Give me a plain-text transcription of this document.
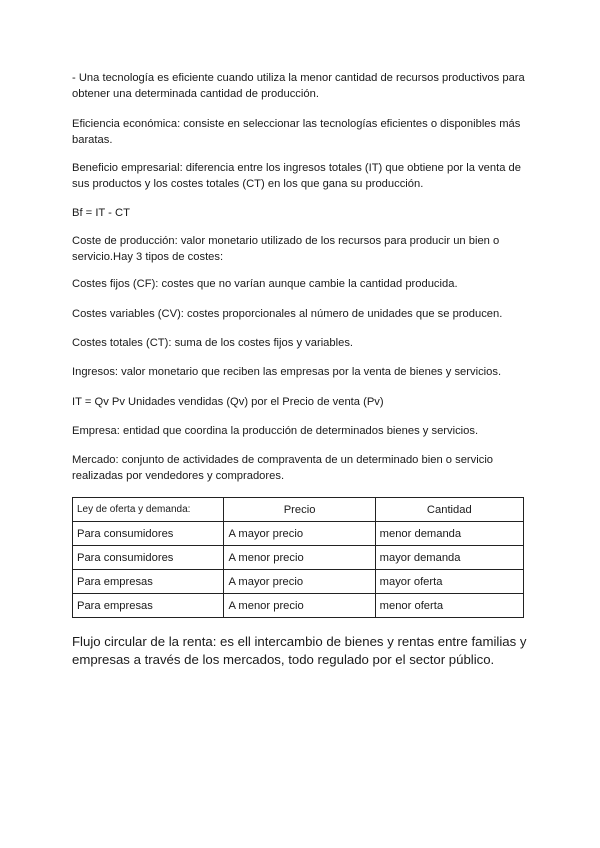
- Una tecnología es eficiente cuando utiliza la menor cantidad de recursos productivos para obtener una determinada cantidad de producción.

Eficiencia económica: consiste en seleccionar las tecnologías eficientes o disponibles más baratas.

Beneficio empresarial: diferencia entre los ingresos totales (IT) que obtiene por la venta de sus productos y los costes totales (CT) en los que gana su producción.

Bf = IT - CT

Coste de producción: valor monetario utilizado de los recursos para producir un bien o servicio.Hay 3 tipos de costes:

Costes fijos (CF): costes que no varían aunque cambie la cantidad producida.

Costes variables (CV): costes proporcionales al número de unidades que se producen.

Costes totales (CT): suma de los costes fijos y variables.

Ingresos: valor monetario que reciben las empresas por la venta de bienes y servicios.

IT = Qv Pv Unidades vendidas (Qv) por el Precio de venta (Pv)

Empresa: entidad que coordina la producción de determinados bienes y servicios.

Mercado: conjunto de actividades de compraventa de un determinado bien o servicio realizadas por vendedores y compradores.

Ley de oferta y demanda:	Precio	Cantidad
Para consumidores	A mayor precio	menor demanda
Para consumidores	A menor precio	mayor demanda
Para empresas	A mayor precio	mayor oferta
Para empresas	A menor precio	menor oferta

Flujo circular de la renta: es ell intercambio de bienes y rentas entre familias y empresas a través de los mercados, todo regulado por el sector público.
